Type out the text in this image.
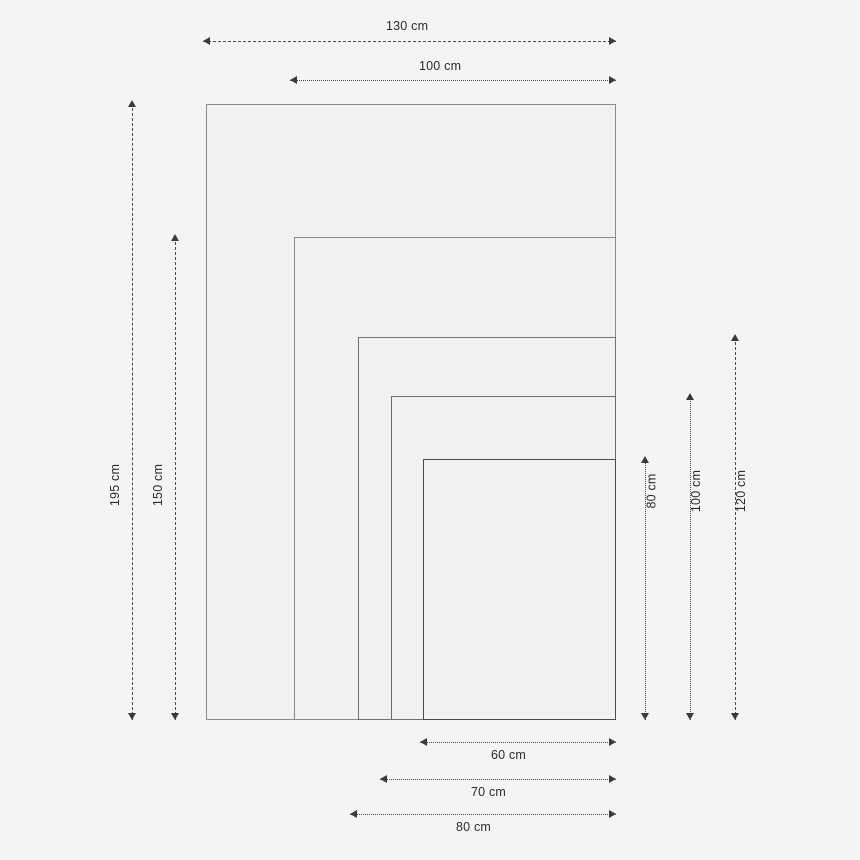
130 cm
100 cm
60 cm
70 cm
80 cm
195 cm 150 cm	80 cm 100 cm 120 cm
